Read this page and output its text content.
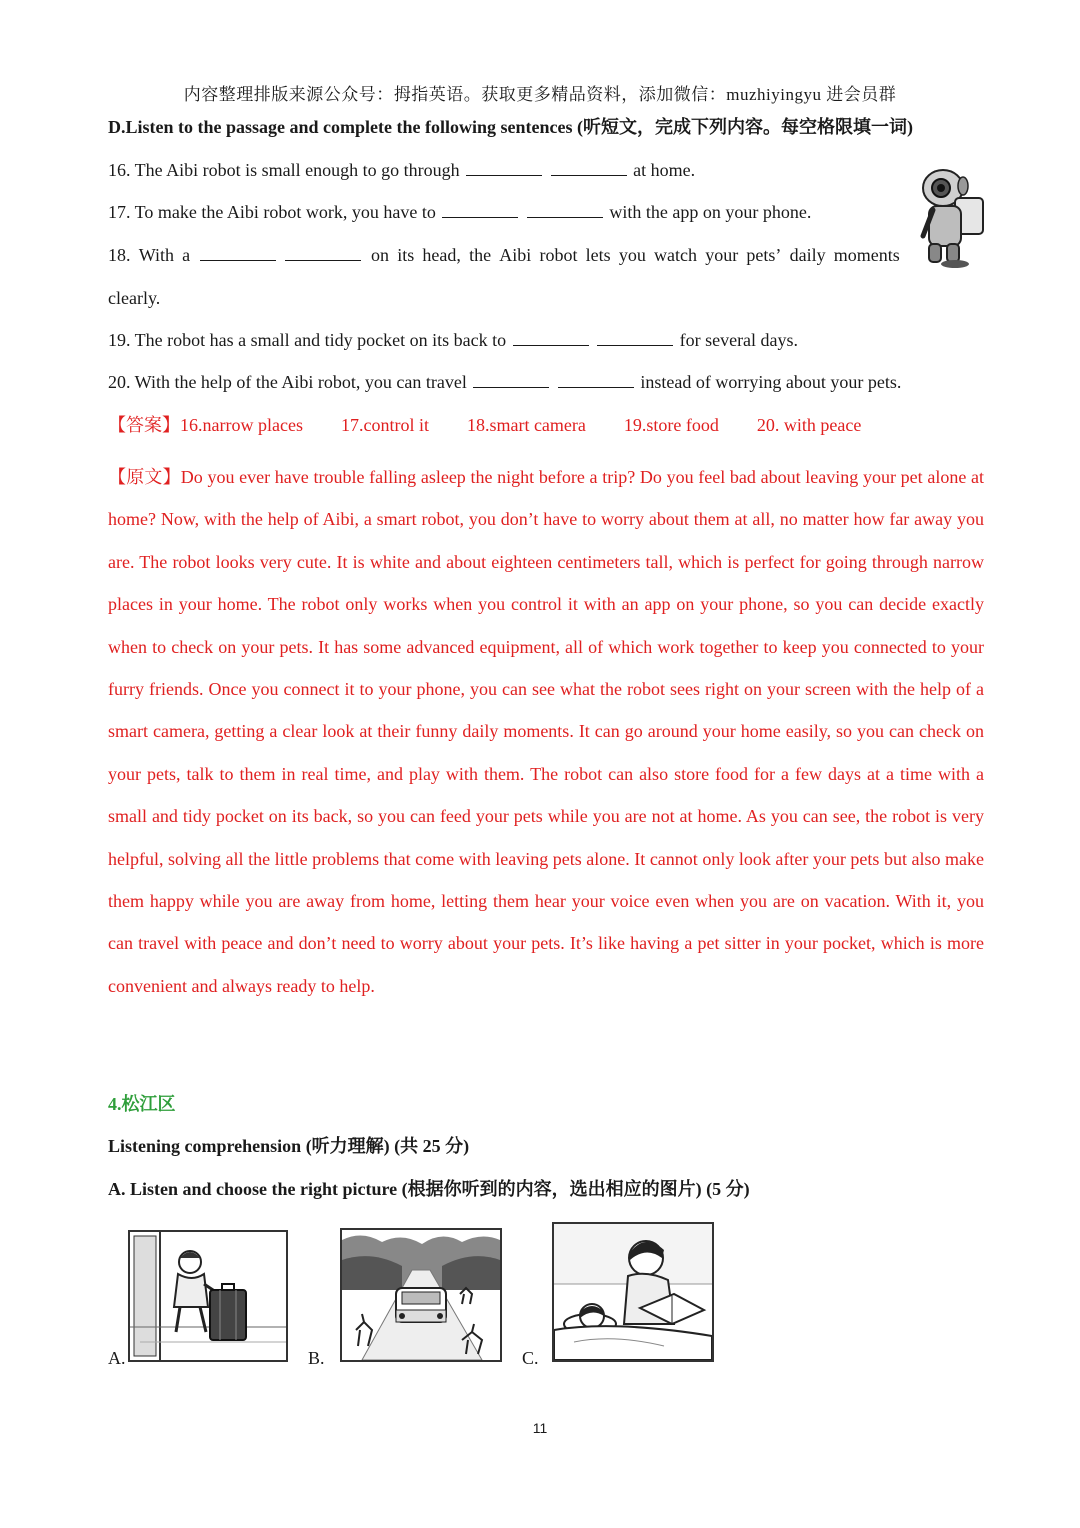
内容整理排版来源公众号：拇指英语。获取更多精品资料，添加微信：muzhiyingyu 进会员群
D.Listen to the passage and complete the following sentences (听短文，完成下列内容。每空格限填一词)
16. The Aibi robot is small enough to go through	at home.
17. To make the Aibi robot work, you have to	with the app on your phone.
18. With a
	on its head, the Aibi robot lets you watch your pets’ daily moments
clearly.
19. The robot has a small and tidy pocket on its back to	for several days.
20. With the help of the Aibi robot, you can travel	instead of worrying about your pets.
【答案】16.narrow places 17.control it 18.smart camera 19.store food 20. with peace
【原文】Do you ever have trouble falling asleep the night before a trip? Do you feel bad about leaving your pet alone at home? Now, with the help of Aibi, a smart robot, you don’t have to worry about them at all, no matter how far away you are. The robot looks very cute. It is white and about eighteen centimeters tall, which is perfect for going through narrow places in your home. The robot only works when you control it with an app on your phone, so you can decide exactly when to check on your pets. It has some advanced equipment, all of which work together to keep you connected to your furry friends. Once you connect it to your phone, you can see what the robot sees right on your screen with the help of a smart camera, getting a clear look at their funny daily moments. It can go around your home easily, so you can check on your pets, talk to them in real time, and play with them. The robot can also store food for a few days at a time with a small and tidy pocket on its back, so you can feed your pets while you are not at home. As you can see, the robot is very helpful, solving all the little problems that come with leaving pets alone. It cannot only look after your pets but also make them happy while you are away from home, letting them hear your voice even when you are on vacation. With it, you can travel with peace and don’t need to worry about your pets. It’s like having a pet sitter in your pocket, which is more convenient and always ready to help.
4.松江区
Listening comprehension (听力理解) (共 25 分)
A. Listen and choose the right picture (根据你听到的内容，选出相应的图片) (5 分)
A.	B.	C.
11
